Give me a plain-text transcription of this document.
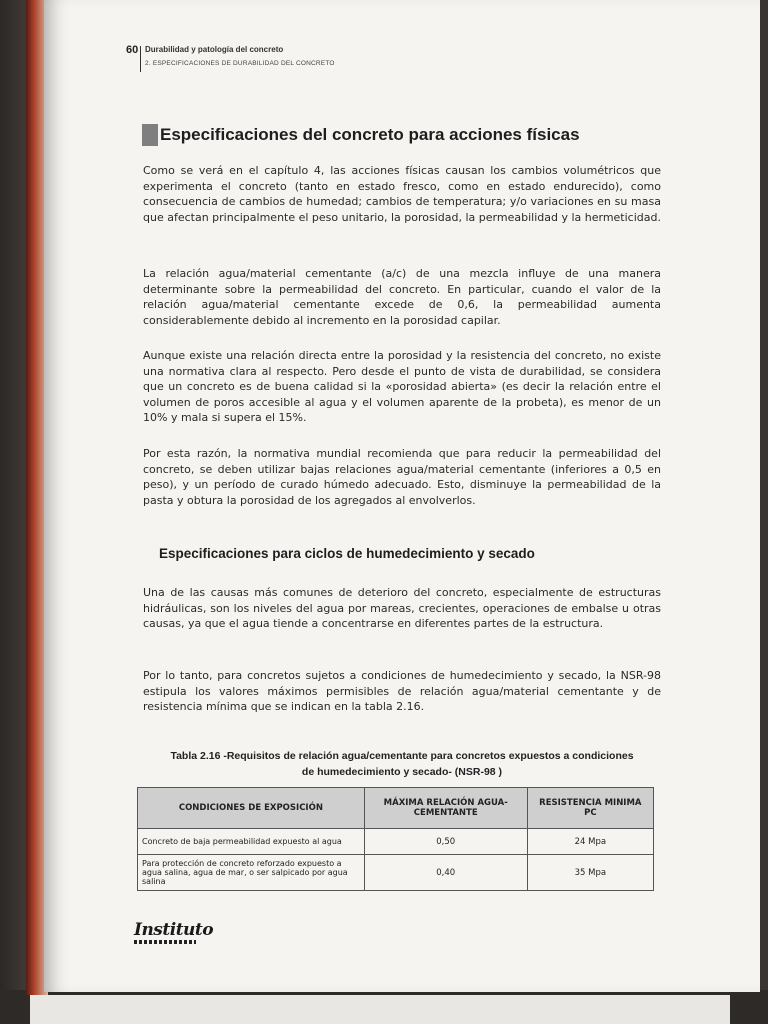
60 Durabilidad y patología del concreto
2. ESPECIFICACIONES DE DURABILIDAD DEL CONCRETO
Especificaciones del concreto para acciones físicas

Como se verá en el capítulo 4, las acciones físicas causan los cambios volumétricos que experimenta el concreto (tanto en estado fresco, como en estado endurecido), como consecuencia de cambios de humedad; cambios de temperatura; y/o variaciones en su masa que afectan principalmente el peso unitario, la porosidad, la permeabilidad y la hermeticidad.

La relación agua/material cementante (a/c) de una mezcla influye de una manera determinante sobre la permeabilidad del concreto. En particular, cuando el valor de la relación agua/material cementante excede de 0,6, la permeabilidad aumenta considerablemente debido al incremento en la porosidad capilar.

Aunque existe una relación directa entre la porosidad y la resistencia del concreto, no existe una normativa clara al respecto. Pero desde el punto de vista de durabilidad, se considera que un concreto es de buena calidad si la «porosidad abierta» (es decir la relación entre el volumen de poros accesible al agua y el volumen aparente de la probeta), es menor de un 10% y mala si supera el 15%.

Por esta razón, la normativa mundial recomienda que para reducir la permeabilidad del concreto, se deben utilizar bajas relaciones agua/material cementante (inferiores a 0,5 en peso), y un período de curado húmedo adecuado. Esto, disminuye la permeabilidad de la pasta y obtura la porosidad de los agregados al envolverlos.

Especificaciones para ciclos de humedecimiento y secado

Una de las causas más comunes de deterioro del concreto, especialmente de estructuras hidráulicas, son los niveles del agua por mareas, crecientes, operaciones de embalse u otras causas, ya que el agua tiende a concentrarse en diferentes partes de la estructura.

Por lo tanto, para concretos sujetos a condiciones de humedecimiento y secado, la NSR-98 estipula los valores máximos permisibles de relación agua/material cementante y de resistencia mínima que se indican en la tabla 2.16.

Tabla 2.16 -Requisitos de relación agua/cementante para concretos expuestos a condiciones
de humedecimiento y secado- (NSR-98 )
CONDICIONES DE EXPOSICIÓN	MÁXIMA RELACIÓN AGUA-CEMENTANTE	RESISTENCIA MINIMA PC
Concreto de baja permeabilidad expuesto al agua	0,50	24 Mpa
Para protección de concreto reforzado expuesto a agua salina, agua de mar, o ser salpicado por agua salina	0,40	35 Mpa
Instituto
